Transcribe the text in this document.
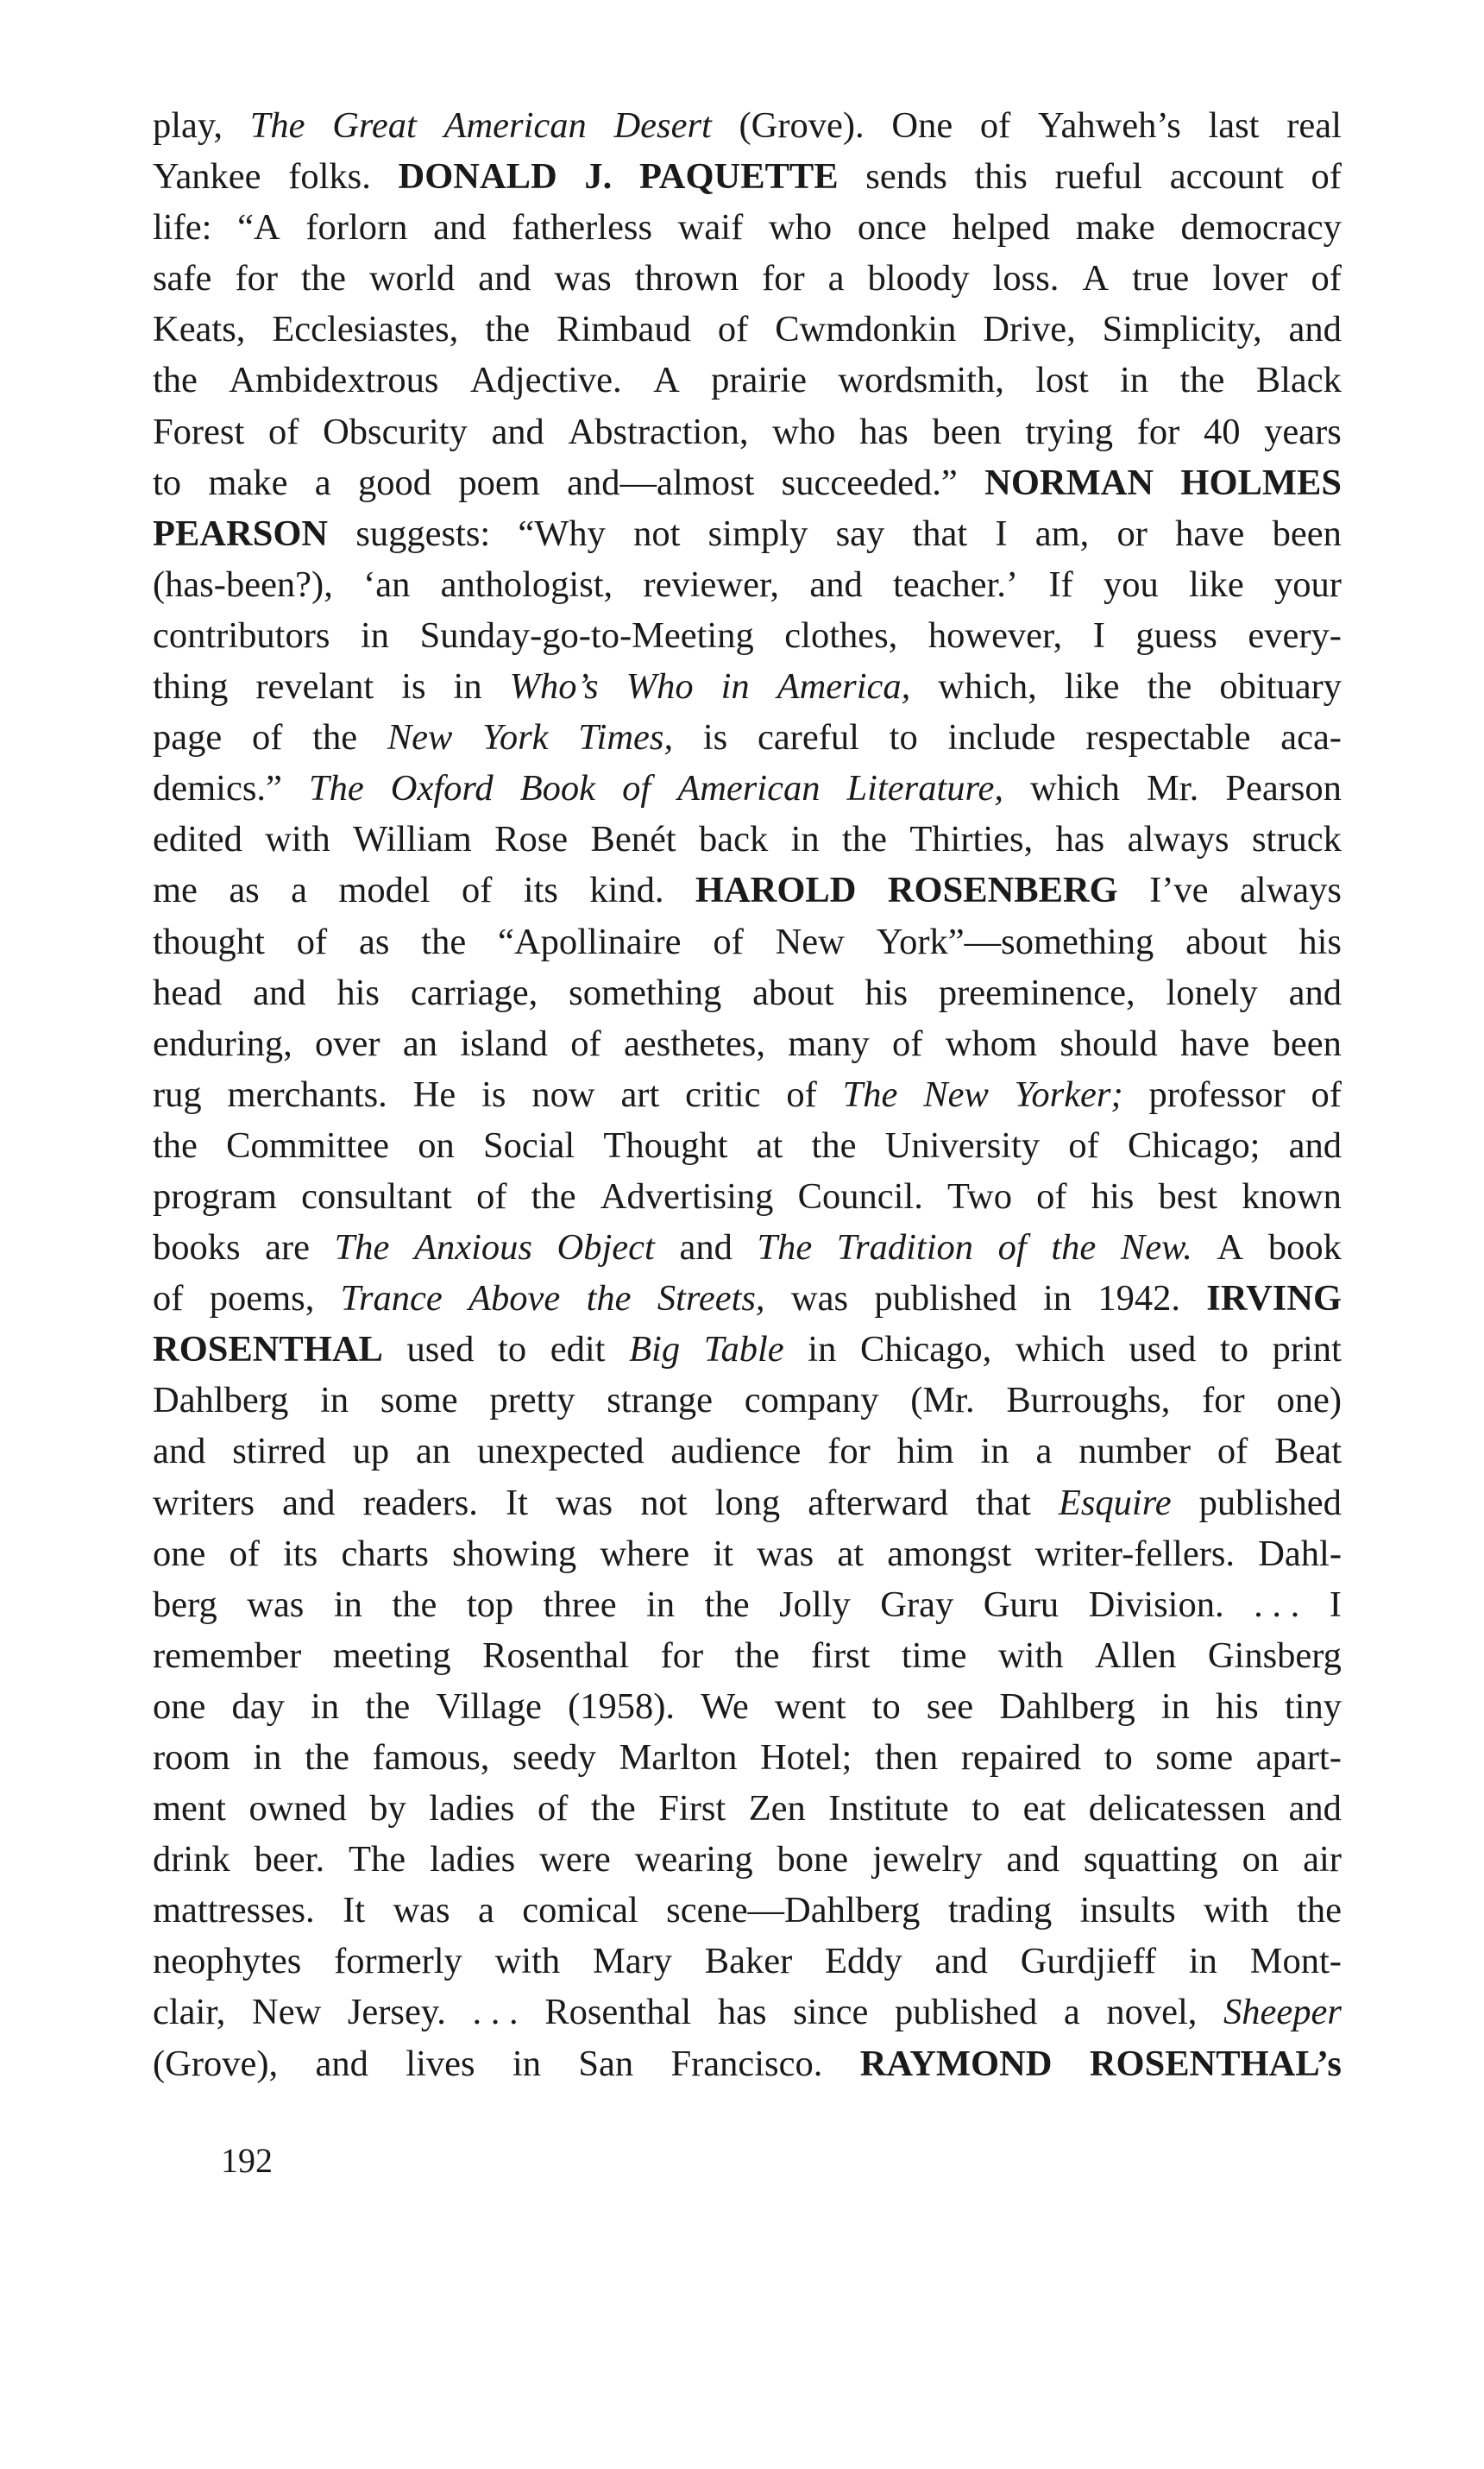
play, The Great American Desert (Grove). One of Yahweh’s last real
Yankee folks. DONALD J. PAQUETTE sends this rueful account of
life: “A forlorn and fatherless waif who once helped make democracy
safe for the world and was thrown for a bloody loss. A true lover of
Keats, Ecclesiastes, the Rimbaud of Cwmdonkin Drive, Simplicity, and
the Ambidextrous Adjective. A prairie wordsmith, lost in the Black
Forest of Obscurity and Abstraction, who has been trying for 40 years
to make a good poem and—almost succeeded.” NORMAN HOLMES
PEARSON suggests: “Why not simply say that I am, or have been
(has-been?), ‘an anthologist, reviewer, and teacher.’ If you like your
contributors in Sunday-go-to-Meeting clothes, however, I guess every-
thing revelant is in Who’s Who in America, which, like the obituary
page of the New York Times, is careful to include respectable aca-
demics.” The Oxford Book of American Literature, which Mr. Pearson
edited with William Rose Benét back in the Thirties, has always struck
me as a model of its kind. HAROLD ROSENBERG I’ve always
thought of as the “Apollinaire of New York”—something about his
head and his carriage, something about his preeminence, lonely and
enduring, over an island of aesthetes, many of whom should have been
rug merchants. He is now art critic of The New Yorker; professor of
the Committee on Social Thought at the University of Chicago; and
program consultant of the Advertising Council. Two of his best known
books are The Anxious Object and The Tradition of the New. A book
of poems, Trance Above the Streets, was published in 1942. IRVING
ROSENTHAL used to edit Big Table in Chicago, which used to print
Dahlberg in some pretty strange company (Mr. Burroughs, for one)
and stirred up an unexpected audience for him in a number of Beat
writers and readers. It was not long afterward that Esquire published
one of its charts showing where it was at amongst writer-fellers. Dahl-
berg was in the top three in the Jolly Gray Guru Division. . . . I
remember meeting Rosenthal for the first time with Allen Ginsberg
one day in the Village (1958). We went to see Dahlberg in his tiny
room in the famous, seedy Marlton Hotel; then repaired to some apart-
ment owned by ladies of the First Zen Institute to eat delicatessen and
drink beer. The ladies were wearing bone jewelry and squatting on air
mattresses. It was a comical scene—Dahlberg trading insults with the
neophytes formerly with Mary Baker Eddy and Gurdjieff in Mont-
clair, New Jersey. . . . Rosenthal has since published a novel, Sheeper
(Grove), and lives in San Francisco. RAYMOND ROSENTHAL’s
192
